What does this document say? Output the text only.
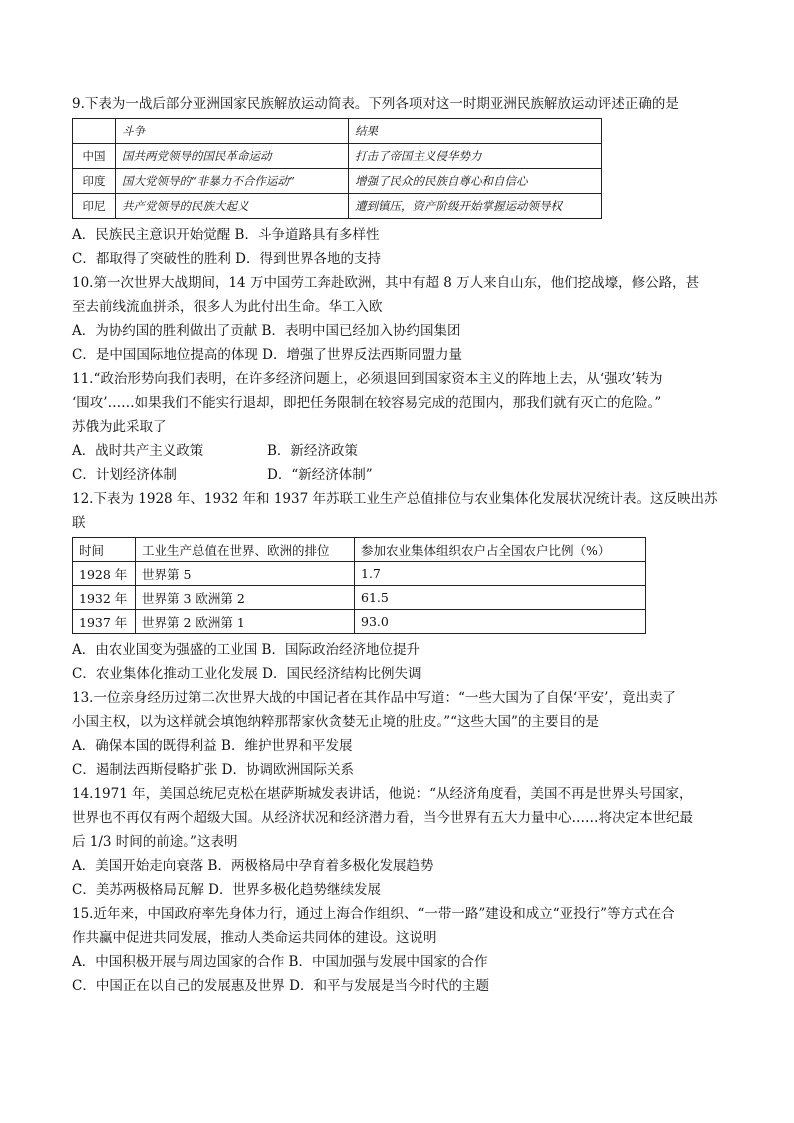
9.下表为一战后部分亚洲国家民族解放运动简表。下列各项对这一时期亚洲民族解放运动评述正确的是
	斗争	结果
中国	国共两党领导的国民革命运动	打击了帝国主义侵华势力
印度	国大党领导的“非暴力不合作运动”	增强了民众的民族自尊心和自信心
印尼	共产党领导的民族大起义	遭到镇压，资产阶级开始掌握运动领导权
A．民族民主意识开始觉醒 B．斗争道路具有多样性
C．都取得了突破性的胜利 D．得到世界各地的支持
10.第一次世界大战期间，14 万中国劳工奔赴欧洲，其中有超 8 万人来自山东，他们挖战壕，修公路，甚
至去前线流血拼杀，很多人为此付出生命。华工入欧
A．为协约国的胜利做出了贡献 B．表明中国已经加入协约国集团
C．是中国国际地位提高的体现 D．增强了世界反法西斯同盟力量
11.“政治形势向我们表明，在许多经济问题上，必须退回到国家资本主义的阵地上去，从‘强攻’转为
‘围攻’……如果我们不能实行退却，即把任务限制在较容易完成的范围内，那我们就有灭亡的危险。”
苏俄为此采取了
A．战时共产主义政策	B．新经济政策
C．计划经济体制	D．“新经济体制”
12.下表为 1928 年、1932 年和 1937 年苏联工业生产总值排位与农业集体化发展状况统计表。这反映出苏
联
时间	工业生产总值在世界、欧洲的排位	参加农业集体组织农户占全国农户比例（%）
1928 年	世界第 5	1.7
1932 年	世界第 3 欧洲第 2	61.5
1937 年	世界第 2 欧洲第 1	93.0
A．由农业国变为强盛的工业国 B．国际政治经济地位提升
C．农业集体化推动工业化发展 D．国民经济结构比例失调
13.一位亲身经历过第二次世界大战的中国记者在其作品中写道：“一些大国为了自保‘平安’，竟出卖了
小国主权，以为这样就会填饱纳粹那帮家伙贪婪无止境的肚皮。”“这些大国”的主要目的是
A．确保本国的既得利益 B．维护世界和平发展
C．遏制法西斯侵略扩张 D．协调欧洲国际关系
14.1971 年，美国总统尼克松在堪萨斯城发表讲话，他说：“从经济角度看，美国不再是世界头号国家，
世界也不再仅有两个超级大国。从经济状况和经济潜力看，当今世界有五大力量中心……将决定本世纪最
后 1/3 时间的前途。”这表明
A．美国开始走向衰落 B．两极格局中孕育着多极化发展趋势
C．美苏两极格局瓦解 D．世界多极化趋势继续发展
15.近年来，中国政府率先身体力行，通过上海合作组织、“一带一路”建设和成立“亚投行”等方式在合
作共赢中促进共同发展，推动人类命运共同体的建设。这说明
A．中国积极开展与周边国家的合作 B．中国加强与发展中国家的合作
C．中国正在以自己的发展惠及世界 D．和平与发展是当今时代的主题
